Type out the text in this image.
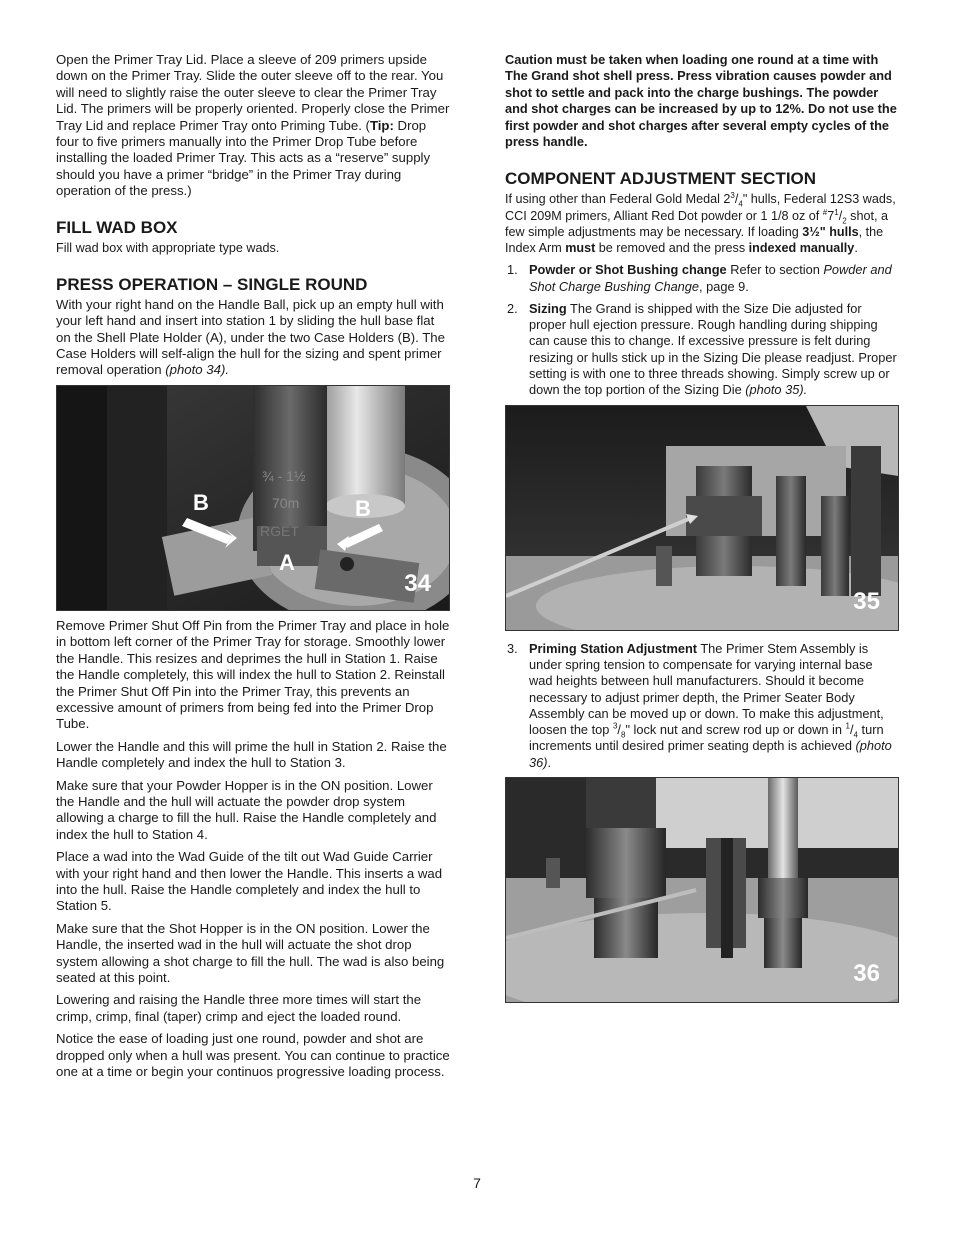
Open the Primer Tray Lid. Place a sleeve of 209 primers upside down on the Primer Tray. Slide the outer sleeve off to the rear. You will need to slightly raise the outer sleeve to clear the Primer Tray Lid. The primers will be properly oriented. Properly close the Primer Tray Lid and replace Primer Tray onto Priming Tube. (Tip: Drop four to five primers manually into the Primer Drop Tube before installing the loaded Primer Tray. This acts as a “reserve” supply should you have a primer “bridge” in the Primer Tray during operation of the press.)

FILL WAD BOX

Fill wad box with appropriate type wads.

PRESS OPERATION – SINGLE ROUND

With your right hand on the Handle Ball, pick up an empty hull with your left hand and insert into station 1 by sliding the hull base flat on the Shell Plate Holder (A), under the two Case Holders (B). The Case Holders will self-align the hull for the sizing and spent primer removal operation (photo 34).

¾ - 1½
70m
RGET
B	B
A
34

Remove Primer Shut Off Pin from the Primer Tray and place in hole in bottom left corner of the Primer Tray for storage. Smoothly lower the Handle. This resizes and deprimes the hull in Station 1. Raise the Handle completely, this will index the hull to Station 2. Reinstall the Primer Shut Off Pin into the Primer Tray, this prevents an excessive amount of primers from being fed into the Primer Drop Tube.

Lower the Handle and this will prime the hull in Station 2. Raise the Handle completely and index the hull to Station 3.

Make sure that your Powder Hopper is in the ON position. Lower the Handle and the hull will actuate the powder drop system allowing a charge to fill the hull. Raise the Handle completely and index the hull to Station 4.

Place a wad into the Wad Guide of the tilt out Wad Guide Carrier with your right hand and then lower the Handle. This inserts a wad into the hull. Raise the Handle completely and index the hull to Station 5.

Make sure that the Shot Hopper is in the ON position. Lower the Handle, the inserted wad in the hull will actuate the shot drop system allowing a shot charge to fill the hull. The wad is also being seated at this point.

Lowering and raising the Handle three more times will start the crimp, crimp, final (taper) crimp and eject the loaded round.

Notice the ease of loading just one round, powder and shot are dropped only when a hull was present. You can continue to practice one at a time or begin your continuos progressive loading process.

Caution must be taken when loading one round at a time with The Grand shot shell press. Press vibration causes powder and shot to settle and pack into the charge bushings. The powder and shot charges can be increased by up to 12%. Do not use the first powder and shot charges after several empty cycles of the press handle.

COMPONENT ADJUSTMENT SECTION

If using other than Federal Gold Medal $2^3/_4$" hulls, Federal 12S3 wads, CCI 209M primers, Alliant Red Dot powder or 1 1/8 oz of $^{\#}7^1/_2$ shot, a few simple adjustments may be necessary. If loading 3½" hulls, the Index Arm must be removed and the press indexed manually.

1. Powder or Shot Bushing change Refer to section Powder and Shot Charge Bushing Change, page 9.
2. Sizing The Grand is shipped with the Size Die adjusted for proper hull ejection pressure. Rough handling during shipping can cause this to change. If excessive pressure is felt during resizing or hulls stick up in the Sizing Die please readjust. Proper setting is with one to three threads showing. Simply screw up or down the top portion of the Sizing Die (photo 35).
35
3. Priming Station Adjustment The Primer Stem Assembly is under spring tension to compensate for varying internal base wad heights between hull manufacturers. Should it become necessary to adjust primer depth, the Primer Seater Body Assembly can be moved up or down. To make this adjustment, loosen the top $^3/_8$" lock nut and screw rod up or down in $^1/_4$ turn increments until desired primer seating depth is achieved (photo 36).
36
7
